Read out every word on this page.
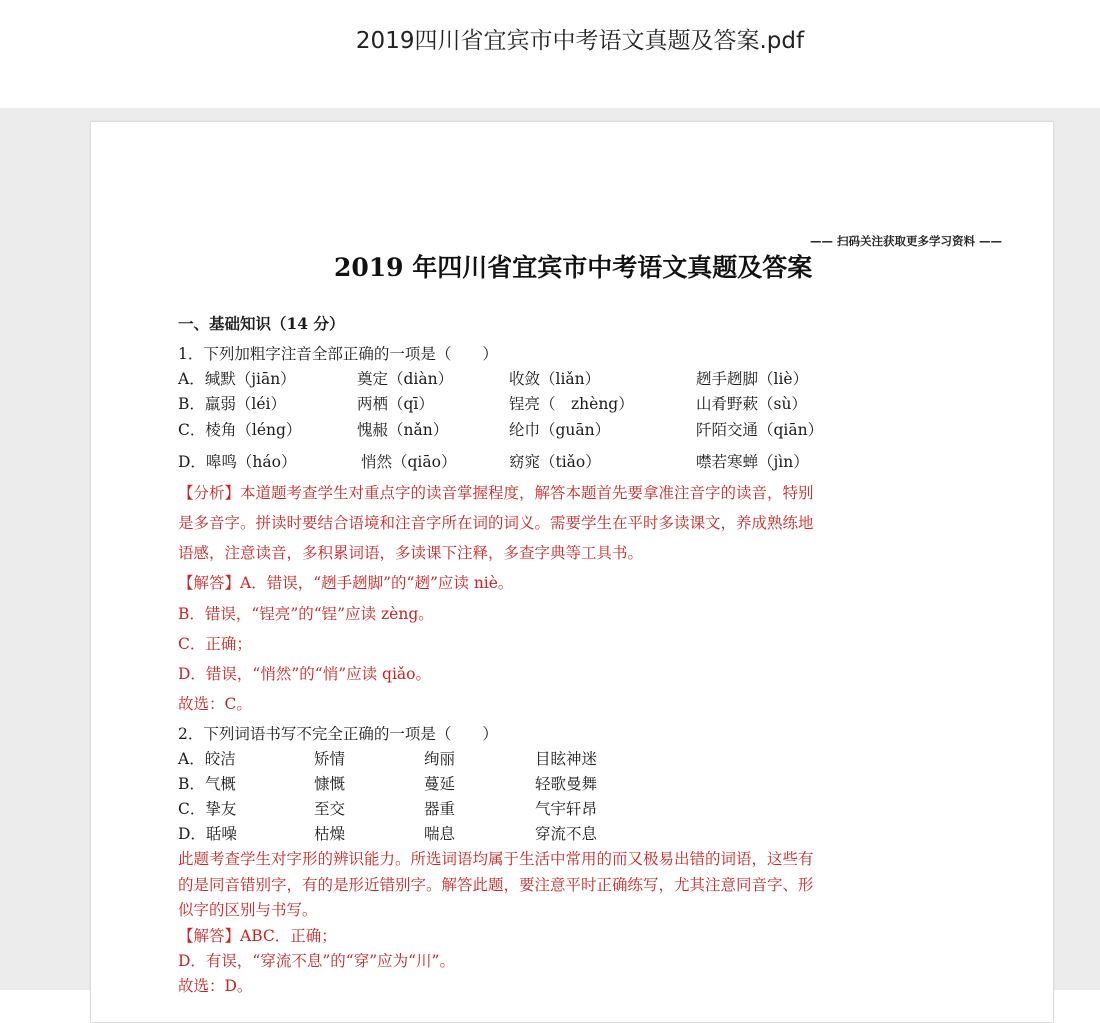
2019四川省宜宾市中考语文真题及答案.pdf
—— 扫码关注获取更多学习资料 ——
2019 年四川省宜宾市中考语文真题及答案
一、基础知识（14 分）
1．下列加粗字注音全部正确的一项是（　　）
A．缄默（jiān）	奠定（diàn）	收敛（liǎn）	趔手趔脚（liè）
B．羸弱（léi）	两栖（qī）	锃亮（　zhèng）	山肴野蔌（sù）
C．棱角（léng）	愧赧（nǎn）	纶巾（guān）	阡陌交通（qiān）
D．嗥鸣（háo）	悄然（qiāo）	窈窕（tiǎo）	噤若寒蝉（jìn）
【分析】本道题考查学生对重点字的读音掌握程度，解答本题首先要拿准注音字的读音，特别
是多音字。拼读时要结合语境和注音字所在词的词义。需要学生在平时多读课文，养成熟练地
语感，注意读音，多积累词语，多读课下注释，多查字典等工具书。
【解答】A．错误，“趔手趔脚”的“趔”应读 niè。
B．错误，“锃亮”的“锃”应读 zèng。
C．正确；
D．错误，“悄然”的“悄”应读 qiǎo。
故选：C。
2．下列词语书写不完全正确的一项是（　　）
A．皎洁	矫情	绚丽	目眩神迷
B．气概	慷慨	蔓延	轻歌曼舞
C．挚友	至交	器重	气宇轩昂
D．聒噪	枯燥	喘息	穿流不息
此题考查学生对字形的辨识能力。所选词语均属于生活中常用的而又极易出错的词语，这些有
的是同音错别字，有的是形近错别字。解答此题，要注意平时正确练写，尤其注意同音字、形
似字的区别与书写。
【解答】ABC．正确；
D．有误，“穿流不息”的“穿”应为“川”。
故选：D。
